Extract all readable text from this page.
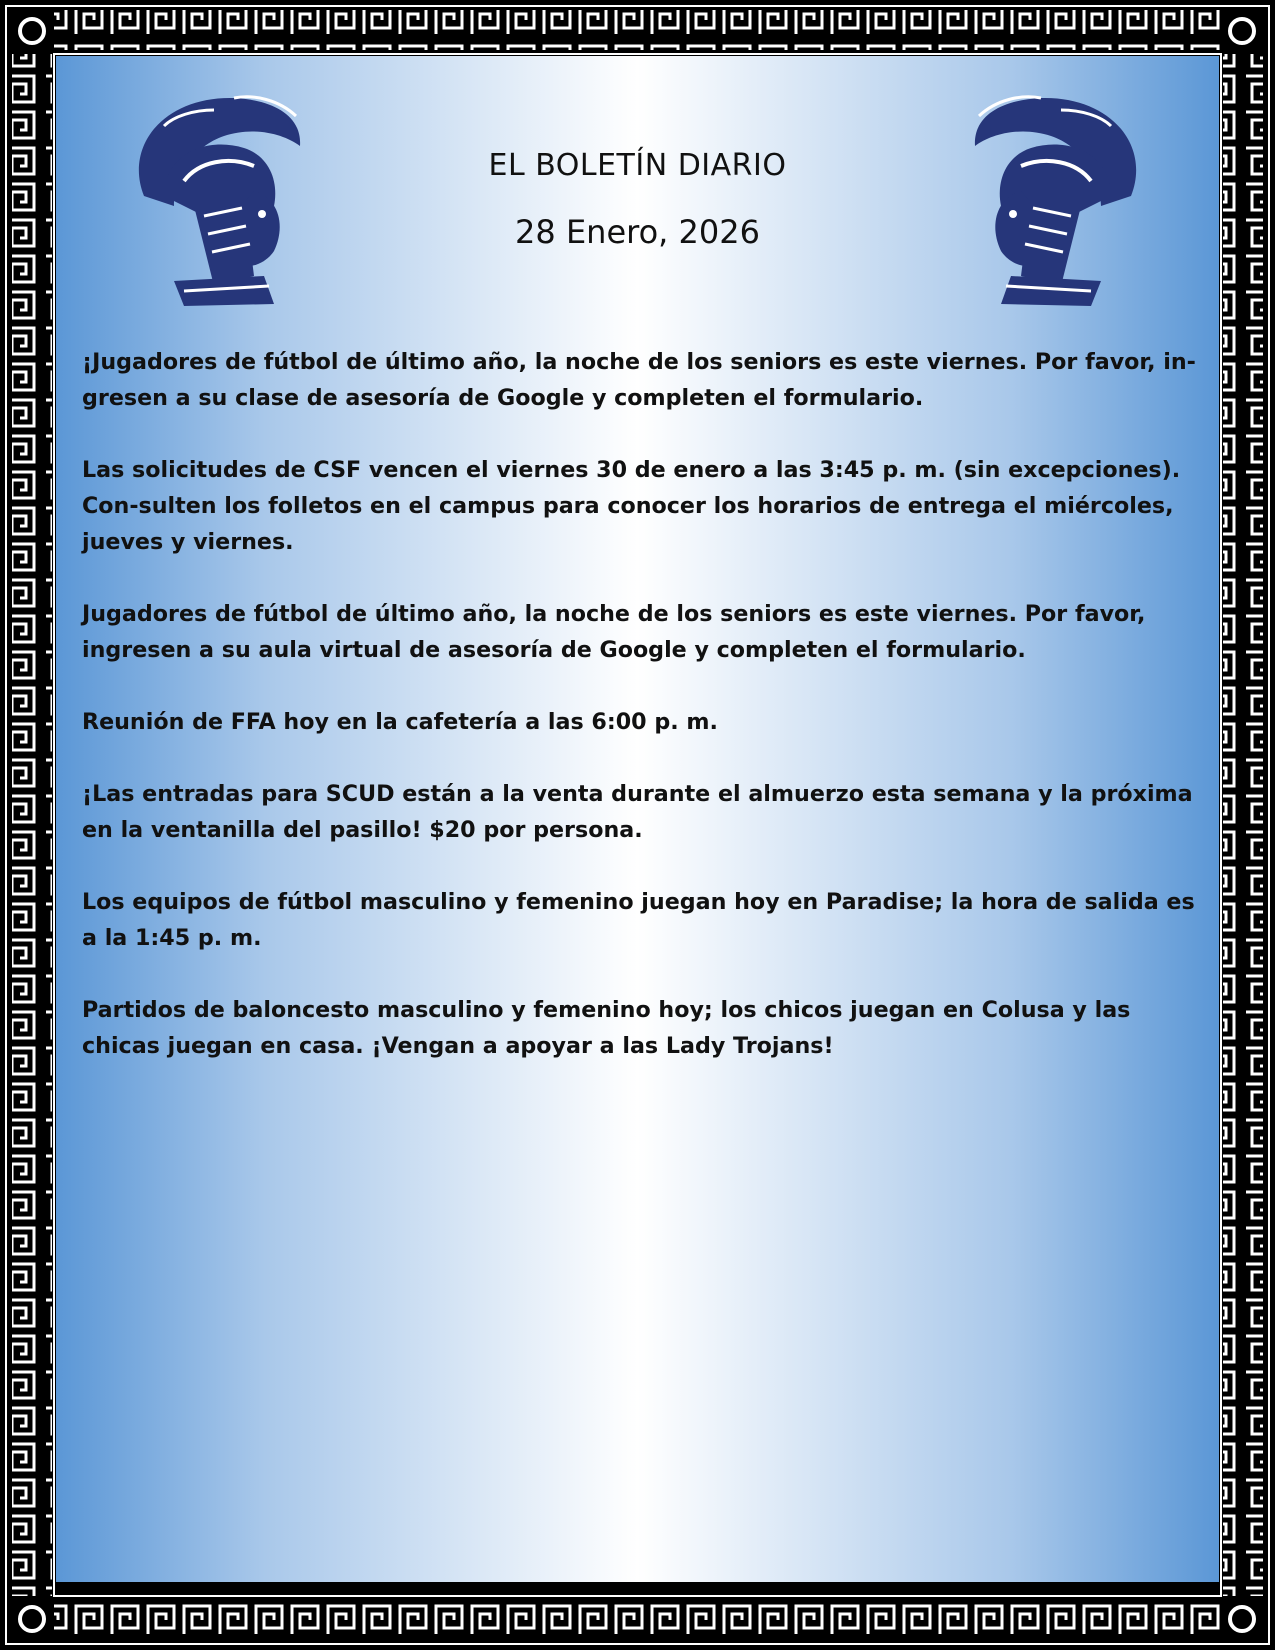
EL BOLETÍN DIARIO
28 Enero, 2026

¡Jugadores de fútbol de último año, la noche de los seniors es este viernes. Por favor, in-gresen a su clase de asesoría de Google y completen el formulario.

Las solicitudes de CSF vencen el viernes 30 de enero a las 3:45 p. m. (sin excepciones). Con-sulten los folletos en el campus para conocer los horarios de entrega el miércoles, jueves y viernes.

Jugadores de fútbol de último año, la noche de los seniors es este viernes. Por favor, ingresen a su aula virtual de asesoría de Google y completen el formulario.

Reunión de FFA hoy en la cafetería a las 6:00 p. m.

¡Las entradas para SCUD están a la venta durante el almuerzo esta semana y la próxima en la ventanilla del pasillo! $20 por persona.

Los equipos de fútbol masculino y femenino juegan hoy en Paradise; la hora de salida es a la 1:45 p. m.

Partidos de baloncesto masculino y femenino hoy; los chicos juegan en Colusa y las chicas juegan en casa. ¡Vengan a apoyar a las Lady Trojans!
